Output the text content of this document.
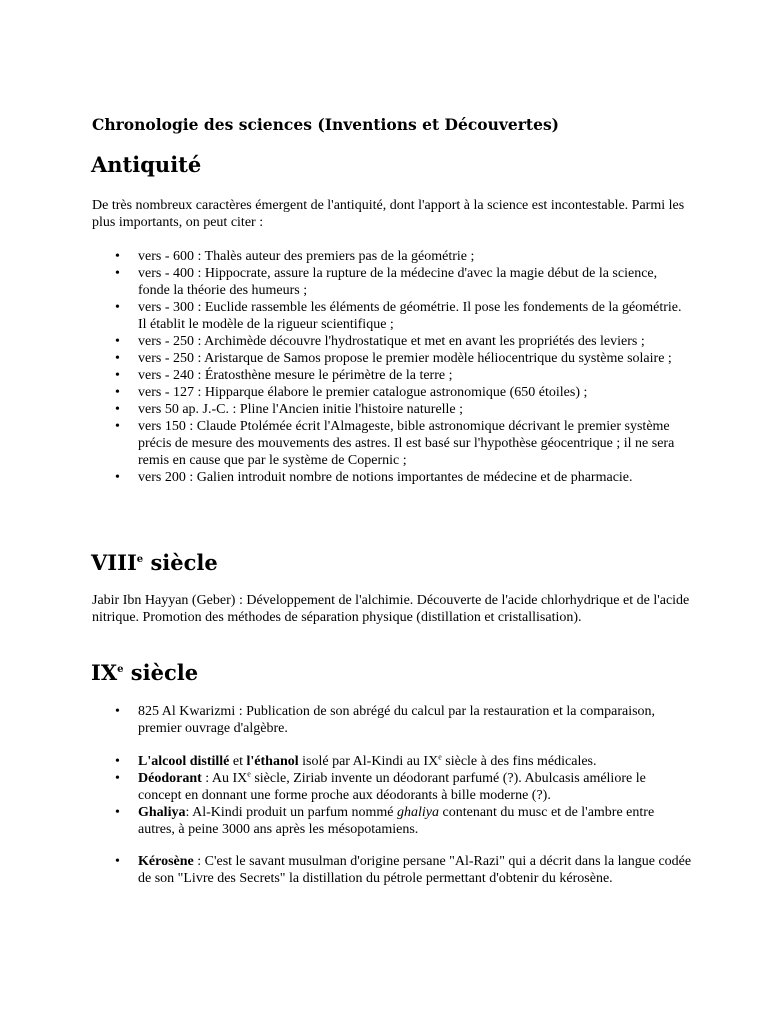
Chronologie des sciences (Inventions et Découvertes)
Antiquité

De très nombreux caractères émergent de l'antiquité, dont l'apport à la science est incontestable. Parmi les plus importants, on peut citer :

• vers - 600 : Thalès auteur des premiers pas de la géométrie ;
• vers - 400 : Hippocrate, assure la rupture de la médecine d'avec la magie début de la science, fonde la théorie des humeurs ;
• vers - 300 : Euclide rassemble les éléments de géométrie. Il pose les fondements de la géométrie. Il établit le modèle de la rigueur scientifique ;
• vers - 250 : Archimède découvre l'hydrostatique et met en avant les propriétés des leviers ;
• vers - 250 : Aristarque de Samos propose le premier modèle héliocentrique du système solaire ;
• vers - 240 : Ératosthène mesure le périmètre de la terre ;
• vers - 127 : Hipparque élabore le premier catalogue astronomique (650 étoiles) ;
• vers 50 ap. J.-C. : Pline l'Ancien initie l'histoire naturelle ;
• vers 150 : Claude Ptolémée écrit l'Almageste, bible astronomique décrivant le premier système précis de mesure des mouvements des astres. Il est basé sur l'hypothèse géocentrique ; il ne sera remis en cause que par le système de Copernic ;
• vers 200 : Galien introduit nombre de notions importantes de médecine et de pharmacie.
VIIIe siècle

Jabir Ibn Hayyan (Geber) : Développement de l'alchimie. Découverte de l'acide chlorhydrique et de l'acide nitrique. Promotion des méthodes de séparation physique (distillation et cristallisation).

IXe siècle
• 825 Al Kwarizmi : Publication de son abrégé du calcul par la restauration et la comparaison, premier ouvrage d'algèbre.
• L'alcool distillé et l'éthanol isolé par Al-Kindi au IXe siècle à des fins médicales.
• Déodorant : Au IXe siècle, Ziriab invente un déodorant parfumé (?). Abulcasis améliore le concept en donnant une forme proche aux déodorants à bille moderne (?).
• Ghaliya: Al-Kindi produit un parfum nommé ghaliya contenant du musc et de l'ambre entre autres, à peine 3000 ans après les mésopotamiens.
• Kérosène : C'est le savant musulman d'origine persane "Al-Razi" qui a décrit dans la langue codée de son "Livre des Secrets" la distillation du pétrole permettant d'obtenir du kérosène.
